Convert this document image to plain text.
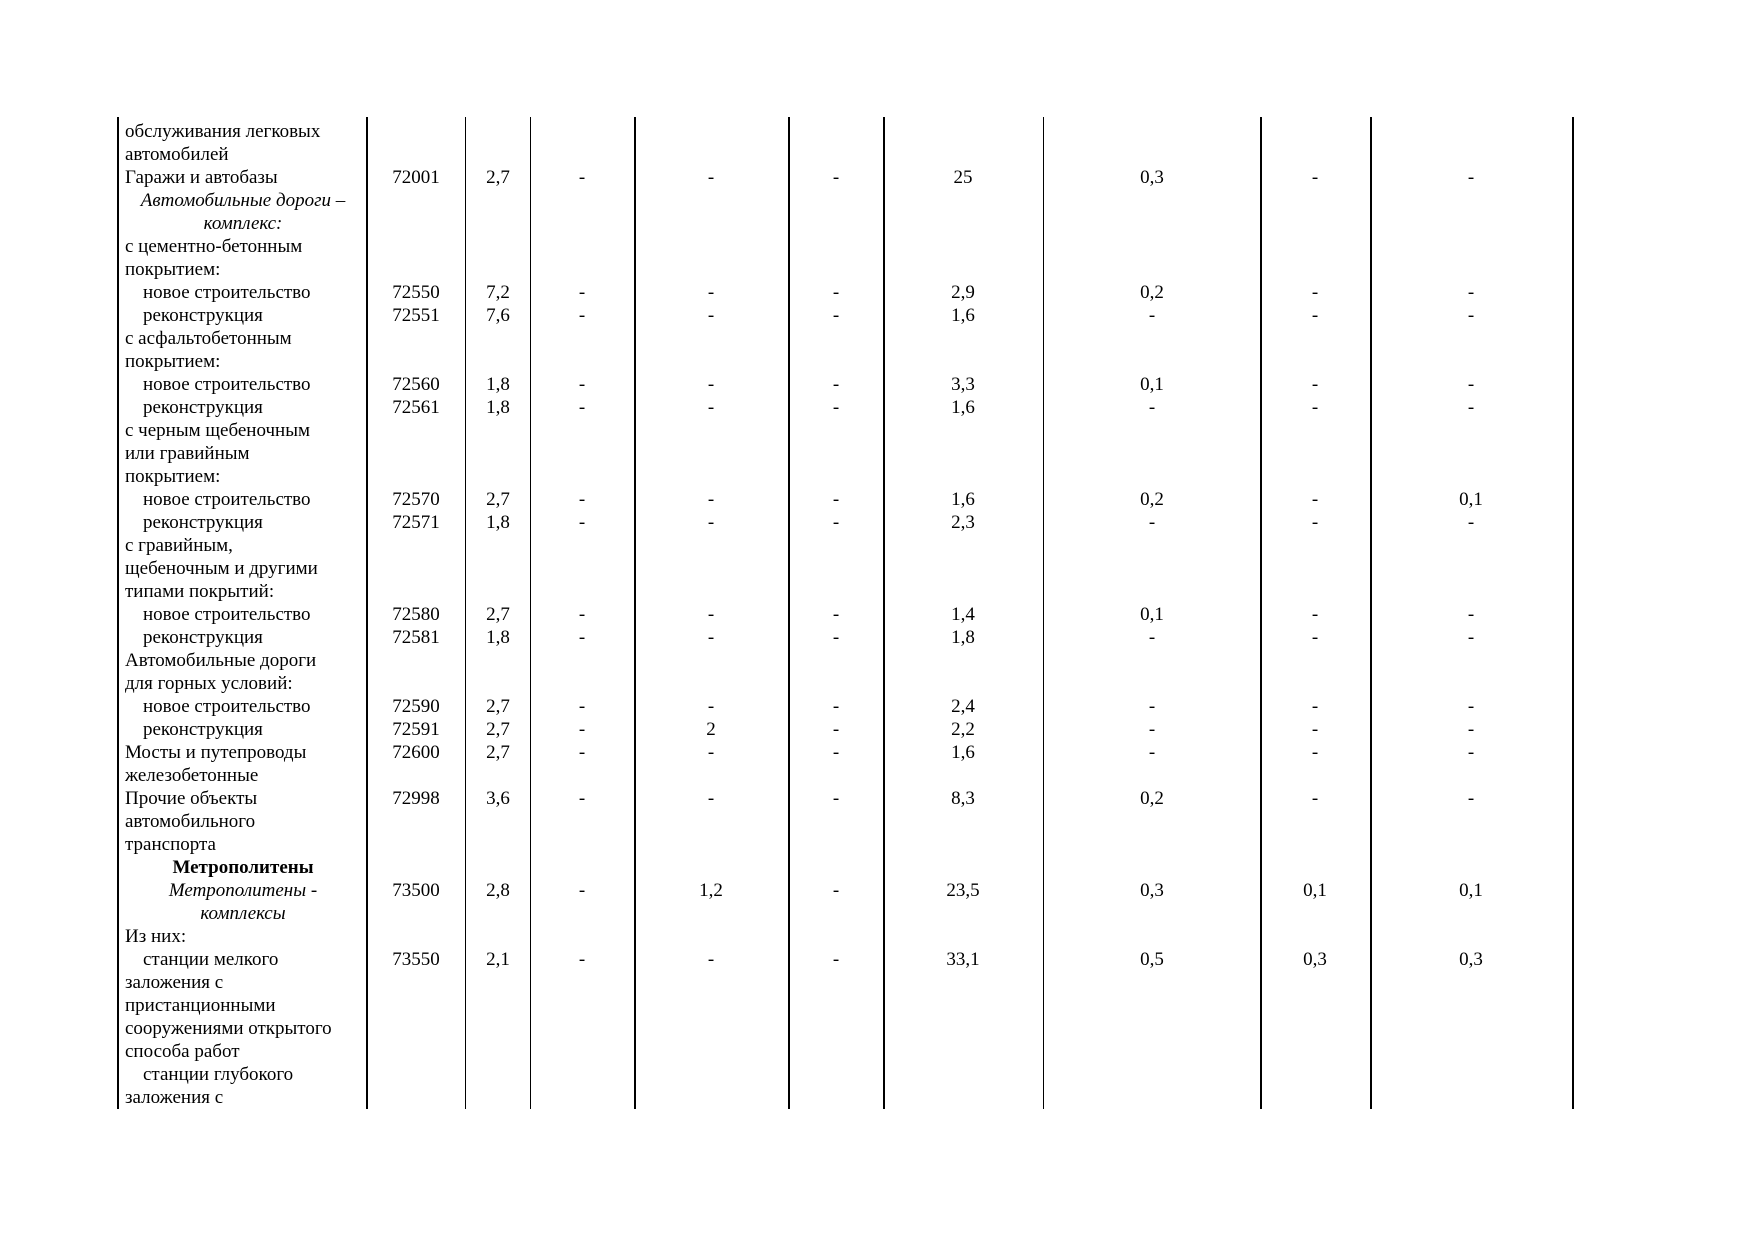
обслуживания легковых
автомобилей
Гаражи и автобазы	72001 2,7	-	-	-	25	0,3	-	-
Автомобильные дороги –
комплекс:
с цементно-бетонным
покрытием:
новое строительство	72550 7,2	-	-	-	2,9	0,2	-	-
реконструкция	72551 7,6	-	-	-	1,6	-	-	-
с асфальтобетонным
покрытием:
новое строительство	72560 1,8	-	-	-	3,3	0,1	-	-
реконструкция	72561 1,8	-	-	-	1,6	-	-	-
с черным щебеночным
или гравийным
покрытием:
новое строительство	72570 2,7	-	-	-	1,6	0,2	-	0,1
реконструкция	72571 1,8	-	-	-	2,3	-	-	-
с гравийным,
щебеночным и другими
типами покрытий:
новое строительство	72580 2,7	-	-	-	1,4	0,1	-	-
реконструкция	72581 1,8	-	-	-	1,8	-	-	-
Автомобильные дороги
для горных условий:
новое строительство	72590 2,7	-	-	-	2,4	-	-	-
реконструкция	72591 2,7	-	2	-	2,2	-	-	-
Мосты и путепроводы	72600 2,7	-	-	-	1,6	-	-	-
железобетонные
Прочие объекты	72998 3,6	-	-	-	8,3	0,2	-	-
автомобильного
транспорта
Метрополитены
Метрополитены -	73500 2,8	-	1,2	-	23,5	0,3	0,1	0,1
комплексы
Из них:
станции мелкого	73550 2,1	-	-	-	33,1	0,5	0,3	0,3
заложения с
пристанционными
сооружениями открытого
способа работ
станции глубокого
заложения с
